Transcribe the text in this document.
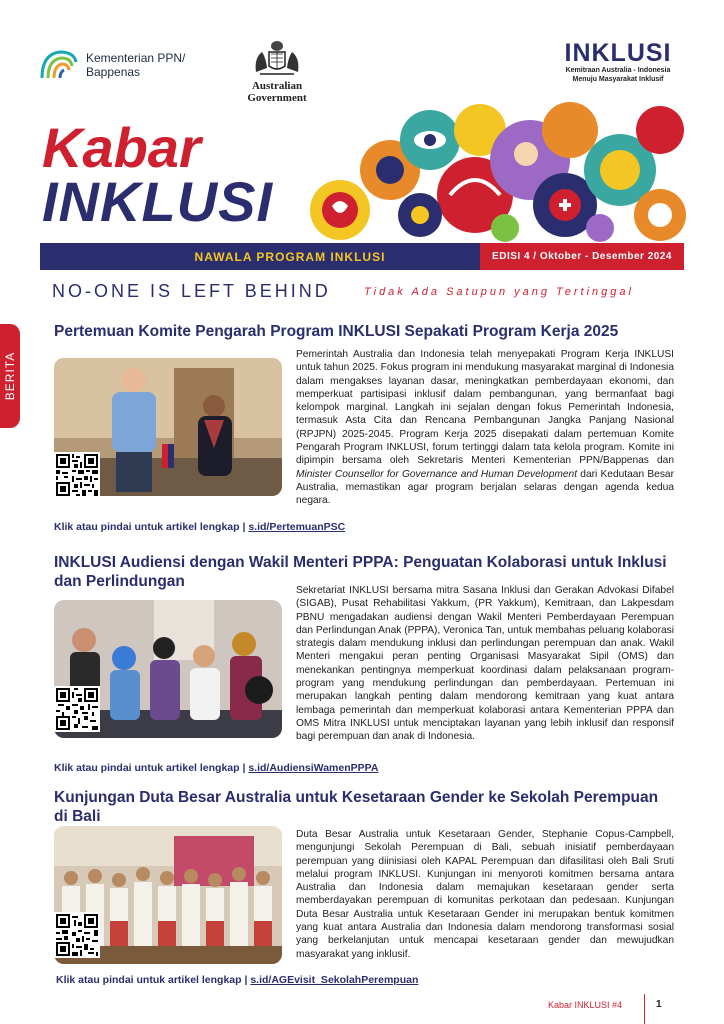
Kementerian PPN/
Bappenas
Australian Government
INKLUSI
Kemitraan Australia - Indonesia
Menuju Masyarakat Inklusif
Kabar
INKLUSI
NAWALA PROGRAM INKLUSI	EDISI 4 / Oktober - Desember 2024
NO-ONE IS LEFT BEHIND	Tidak Ada Satupun yang Tertinggal
BERITA
Pertemuan Komite Pengarah Program INKLUSI Sepakati Program Kerja 2025
Pemerintah Australia dan Indonesia telah menyepakati Program Kerja INKLUSI untuk tahun 2025. Fokus program ini mendukung masyarakat marginal di Indonesia dalam mengakses layanan dasar, meningkatkan pemberdayaan ekonomi, dan memperkuat partisipasi inklusif dalam pembangunan, yang bermanfaat bagi kelompok marginal. Langkah ini sejalan dengan fokus Pemerintah Indonesia, termasuk Asta Cita dan Rencana Pembangunan Jangka Panjang Nasional (RPJPN) 2025-2045. Program Kerja 2025 disepakati dalam pertemuan Komite Pengarah Program INKLUSI, forum tertinggi dalam tata kelola program. Komite ini dipimpin bersama oleh Sekretaris Menteri Kementerian PPN/Bappenas dan Minister Counsellor for Governance and Human Development dari Kedutaan Besar Australia, memastikan agar program berjalan selaras dengan agenda kedua negara.
Klik atau pindai untuk artikel lengkap | s.id/PertemuanPSC
INKLUSI Audiensi dengan Wakil Menteri PPPA: Penguatan Kolaborasi untuk Inklusi dan Perlindungan
Sekretariat INKLUSI bersama mitra Sasana Inklusi dan Gerakan Advokasi Difabel (SIGAB), Pusat Rehabilitasi Yakkum, (PR Yakkum), Kemitraan, dan Lakpesdam PBNU mengadakan audiensi dengan Wakil Menteri Pemberdayaan Perempuan dan Perlindungan Anak (PPPA), Veronica Tan, untuk membahas peluang kolaborasi strategis dalam mendukung inklusi dan perlindungan perempuan dan anak. Wakil Menteri mengakui peran penting Organisasi Masyarakat Sipil (OMS) dan menekankan pentingnya memperkuat koordinasi dalam pelaksanaan program-program yang mendukung perlindungan dan pemberdayaan. Pertemuan ini merupakan langkah penting dalam mendorong kemitraan yang kuat antara lembaga pemerintah dan memperkuat kolaborasi antara Kementerian PPPA dan OMS Mitra INKLUSI untuk menciptakan layanan yang lebih inklusif dan responsif bagi perempuan dan anak di Indonesia.
Klik atau pindai untuk artikel lengkap | s.id/AudiensiWamenPPPA
Kunjungan Duta Besar Australia untuk Kesetaraan Gender ke Sekolah Perempuan di Bali
Duta Besar Australia untuk Kesetaraan Gender, Stephanie Copus-Campbell, mengunjungi Sekolah Perempuan di Bali, sebuah inisiatif pemberdayaan perempuan yang diinisiasi oleh KAPAL Perempuan dan difasilitasi oleh Bali Sruti melalui program INKLUSI. Kunjungan ini menyoroti komitmen bersama antara Australia dan Indonesia dalam memajukan kesetaraan gender serta memberdayakan perempuan di komunitas perkotaan dan pedesaan. Kunjungan Duta Besar Australia untuk Kesetaraan Gender ini merupakan bentuk komitmen yang kuat antara Australia dan Indonesia dalam mendorong transformasi sosial yang berkelanjutan untuk mencapai kesetaraan gender dan mewujudkan masyarakat yang inklusif.
Klik atau pindai untuk artikel lengkap | s.id/AGEvisit_SekolahPerempuan
Kabar INKLUSI #4	1
